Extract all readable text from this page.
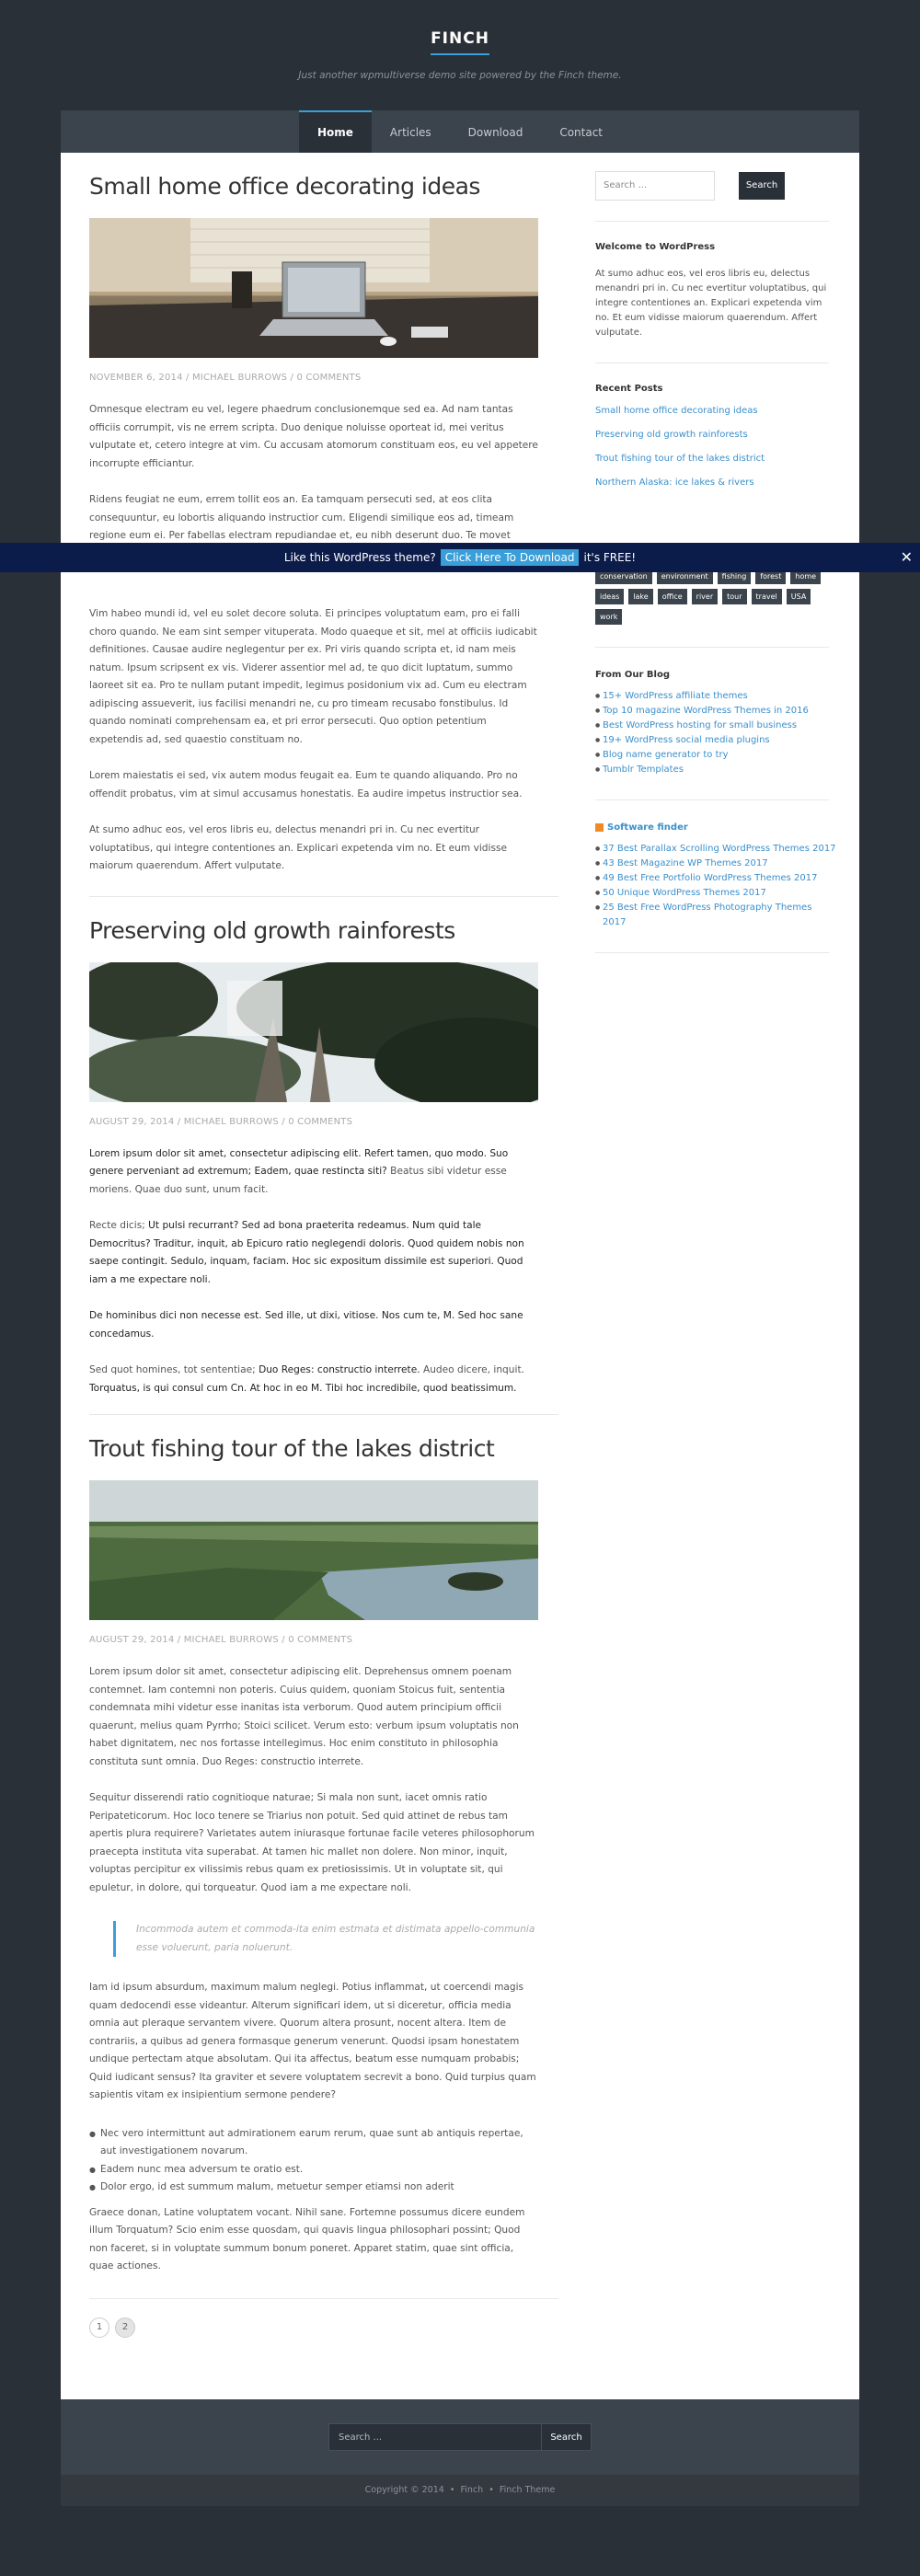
FINCH
Just another wpmultiverse demo site powered by the Finch theme.
Home	Articles	Download	Contact
Small home office decorating ideas
NOVEMBER 6, 2014 / MICHAEL BURROWS / 0 COMMENTS

Omnesque electram eu vel, legere phaedrum conclusionemque sed ea. Ad nam tantas officiis corrumpit, vis ne errem scripta. Duo denique noluisse oporteat id, mei veritus vulputate et, cetero integre at vim. Cu accusam atomorum constituam eos, eu vel appetere incorrupte efficiantur.

Ridens feugiat ne eum, errem tollit eos an. Ea tamquam persecuti sed, at eos clita consequuntur, eu lobortis aliquando instructior cum. Eligendi similique eos ad, timeam regione eum ei. Per fabellas electram repudiandae et, eu nibh deserunt duo. Te movet

Vim habeo mundi id, vel eu solet decore soluta. Ei principes voluptatum eam, pro ei falli choro quando. Ne eam sint semper vituperata. Modo quaeque et sit, mel at officiis iudicabit definitiones. Causae audire neglegentur per ex. Pri viris quando scripta et, id nam meis natum. Ipsum scripsent ex vis. Viderer assentior mel ad, te quo dicit luptatum, summo laoreet sit ea. Pro te nullam putant impedit, legimus posidonium vix ad. Cum eu electram adipiscing assueverit, ius facilisi menandri ne, cu pro timeam recusabo fonstibulus. Id quando nominati comprehensam ea, et pri error persecuti. Quo option petentium expetendis ad, sed quaestio constituam no.

Lorem maiestatis ei sed, vix autem modus feugait ea. Eum te quando aliquando. Pro no offendit probatus, vim at simul accusamus honestatis. Ea audire impetus instructior sea.

At sumo adhuc eos, vel eros libris eu, delectus menandri pri in. Cu nec evertitur voluptatibus, qui integre contentiones an. Explicari expetenda vim no. Et eum vidisse maiorum quaerendum. Affert vulputate.

Preserving old growth rainforests
AUGUST 29, 2014 / MICHAEL BURROWS / 0 COMMENTS

Lorem ipsum dolor sit amet, consectetur adipiscing elit. Refert tamen, quo modo. Suo genere perveniant ad extremum; Eadem, quae restincta siti? Beatus sibi videtur esse moriens. Quae duo sunt, unum facit.

Recte dicis; Ut pulsi recurrant? Sed ad bona praeterita redeamus. Num quid tale Democritus? Traditur, inquit, ab Epicuro ratio neglegendi doloris. Quod quidem nobis non saepe contingit. Sedulo, inquam, faciam. Hoc sic expositum dissimile est superiori. Quod iam a me expectare noli.

De hominibus dici non necesse est. Sed ille, ut dixi, vitiose. Nos cum te, M. Sed hoc sane concedamus.

Sed quot homines, tot sententiae; Duo Reges: constructio interrete. Audeo dicere, inquit. Torquatus, is qui consul cum Cn. At hoc in eo M. Tibi hoc incredibile, quod beatissimum.

Trout fishing tour of the lakes district
AUGUST 29, 2014 / MICHAEL BURROWS / 0 COMMENTS

Lorem ipsum dolor sit amet, consectetur adipiscing elit. Deprehensus omnem poenam contemnet. Iam contemni non poteris. Cuius quidem, quoniam Stoicus fuit, sententia condemnata mihi videtur esse inanitas ista verborum. Quod autem principium officii quaerunt, melius quam Pyrrho; Stoici scilicet. Verum esto: verbum ipsum voluptatis non habet dignitatem, nec nos fortasse intellegimus. Hoc enim constituto in philosophia constituta sunt omnia. Duo Reges: constructio interrete.

Sequitur disserendi ratio cognitioque naturae; Si mala non sunt, iacet omnis ratio Peripateticorum. Hoc loco tenere se Triarius non potuit. Sed quid attinet de rebus tam apertis plura requirere? Varietates autem iniurasque fortunae facile veteres philosophorum praecepta instituta vita superabat. At tamen hic mallet non dolere. Non minor, inquit, voluptas percipitur ex vilissimis rebus quam ex pretiosissimis. Ut in voluptate sit, qui epuletur, in dolore, qui torqueatur. Quod iam a me expectare noli.

Incommoda autem et commoda-ita enim estmata et distimata appello-communia esse voluerunt, paria noluerunt.

Iam id ipsum absurdum, maximum malum neglegi. Potius inflammat, ut coercendi magis quam dedocendi esse videantur. Alterum significari idem, ut si diceretur, officia media omnia aut pleraque servantem vivere. Quorum altera prosunt, nocent altera. Item de contrariis, a quibus ad genera formasque generum venerunt. Quodsi ipsam honestatem undique pertectam atque absolutam. Qui ita affectus, beatum esse numquam probabis; Quid iudicant sensus? Ita graviter et severe voluptatem secrevit a bono. Quid turpius quam sapientis vitam ex insipientium sermone pendere?

● Nec vero intermittunt aut admirationem earum rerum, quae sunt ab antiquis repertae, aut investigationem novarum.
● Eadem nunc mea adversum te oratio est.
● Dolor ergo, id est summum malum, metuetur semper etiamsi non aderit

Graece donan, Latine voluptatem vocant. Nihil sane. Fortemne possumus dicere eundem illum Torquatum? Scio enim esse quosdam, qui quavis lingua philosophari possint; Quod non faceret, si in voluptate summum bonum poneret. Apparet statim, quae sint officia, quae actiones.

1	2
Search ...	Search
Welcome to WordPress
At sumo adhuc eos, vel eros libris eu, delectus menandri pri in. Cu nec evertitur voluptatibus, qui integre contentiones an. Explicari expetenda vim no. Et eum vidisse maiorum quaerendum. Affert vulputate.
Recent Posts
Small home office decorating ideas
Preserving old growth rainforests
Trout fishing tour of the lakes district
Northern Alaska: ice lakes & rivers
conservation	environment	fishing	forest	home
ideas	lake	office	river	tour	travel	USA
work
From Our Blog
● 15+ WordPress affiliate themes
● Top 10 magazine WordPress Themes in 2016
● Best WordPress hosting for small business
● 19+ WordPress social media plugins
● Blog name generator to try
● Tumblr Templates
Software finder
● 37 Best Parallax Scrolling WordPress Themes 2017
● 43 Best Magazine WP Themes 2017
● 49 Best Free Portfolio WordPress Themes 2017
● 50 Unique WordPress Themes 2017
● 25 Best Free WordPress Photography Themes 2017
Search ...	Search
Copyright © 2014 • Finch • Finch Theme
Like this WordPress theme? Click Here To Download it's FREE!	✕
